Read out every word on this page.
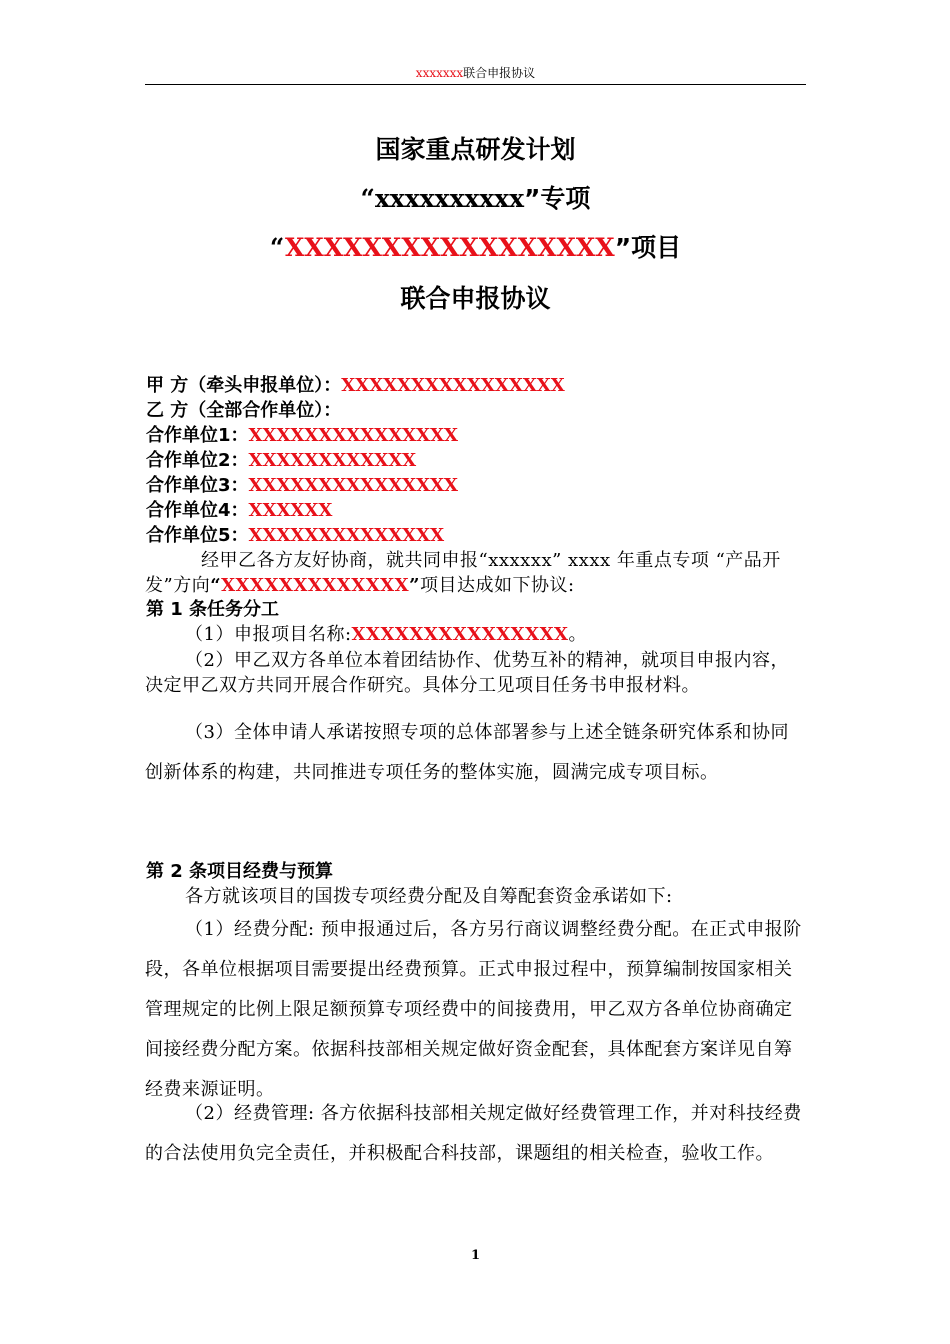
xxxxxxx联合申报协议
国家重点研发计划
“xxxxxxxxxx”专项
“XXXXXXXXXXXXXXXXX”项目
联合申报协议
甲 方（牵头申报单位）：XXXXXXXXXXXXXXXX
乙 方（全部合作单位）：
合作单位1：XXXXXXXXXXXXXXX
合作单位2：XXXXXXXXXXXX
合作单位3：XXXXXXXXXXXXXXX
合作单位4：XXXXXX
合作单位5：XXXXXXXXXXXXXX
经甲乙各方友好协商，就共同申报“xxxxxx” xxxx 年重点专项 “产品开发”方向“XXXXXXXXXXXXX”项目达成如下协议:
第 1 条任务分工
（1）申报项目名称:XXXXXXXXXXXXXXX。
（2）甲乙双方各单位本着团结协作、优势互补的精神，就项目申报内容，决定甲乙双方共同开展合作研究。具体分工见项目任务书申报材料。
（3）全体申请人承诺按照专项的总体部署参与上述全链条研究体系和协同创新体系的构建，共同推进专项任务的整体实施，圆满完成专项目标。
第 2 条项目经费与预算
各方就该项目的国拨专项经费分配及自筹配套资金承诺如下:
（1）经费分配: 预申报通过后，各方另行商议调整经费分配。在正式申报阶段，各单位根据项目需要提出经费预算。正式申报过程中，预算编制按国家相关管理规定的比例上限足额预算专项经费中的间接费用，甲乙双方各单位协商确定间接经费分配方案。依据科技部相关规定做好资金配套，具体配套方案详见自筹经费来源证明。
（2）经费管理: 各方依据科技部相关规定做好经费管理工作，并对科技经费的合法使用负完全责任，并积极配合科技部，课题组的相关检查，验收工作。
1
